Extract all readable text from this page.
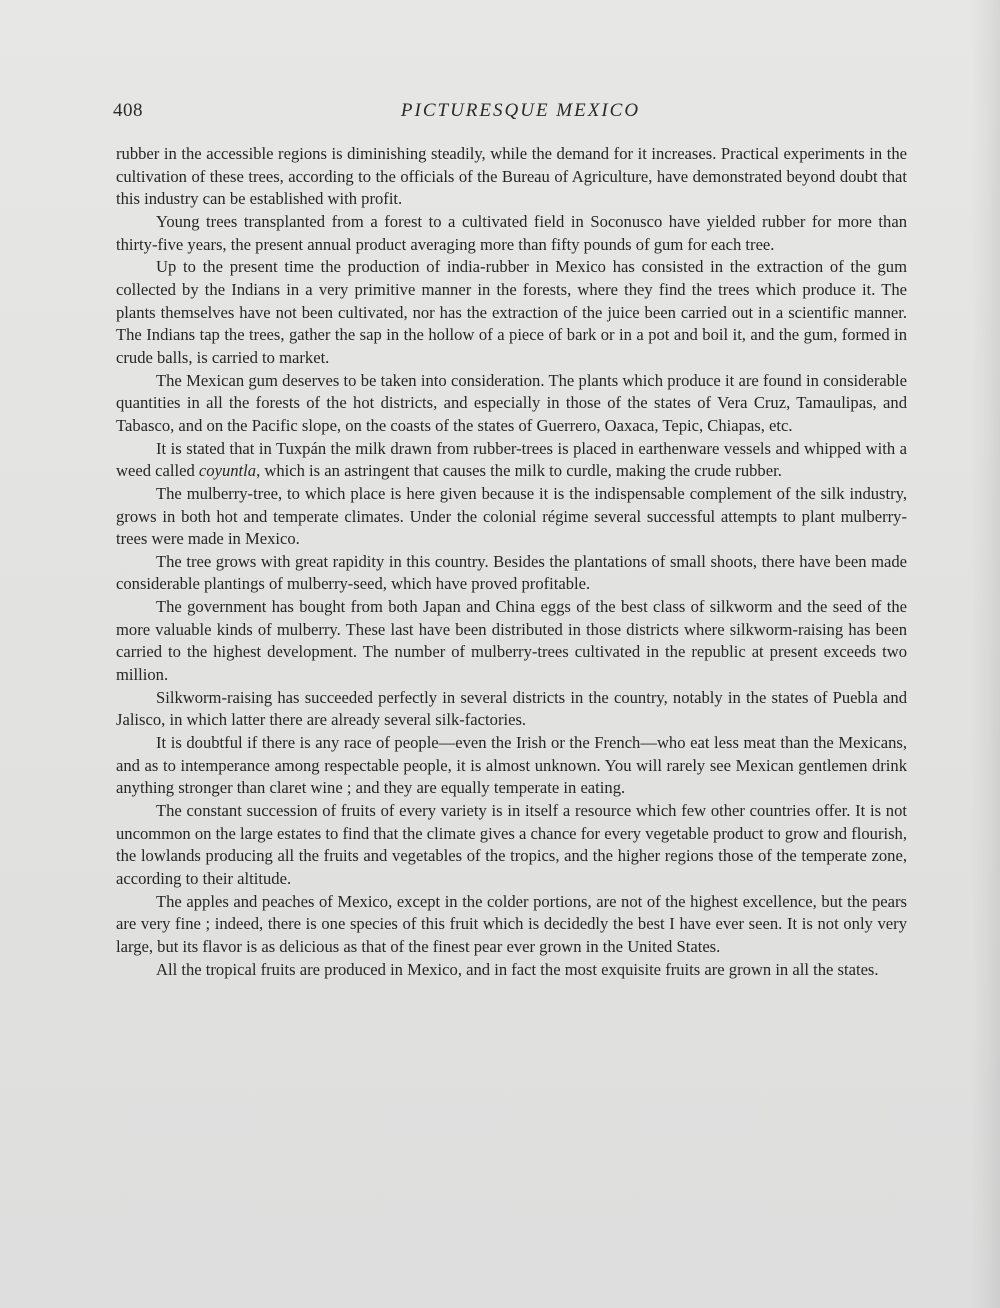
408	PICTURESQUE MEXICO

rubber in the accessible regions is diminishing steadily, while the demand for it increases. Practical experiments in the cultivation of these trees, according to the officials of the Bureau of Agriculture, have demonstrated beyond doubt that this industry can be established with profit.

Young trees transplanted from a forest to a cultivated field in Soconusco have yielded rubber for more than thirty-five years, the present annual product averaging more than fifty pounds of gum for each tree.

Up to the present time the production of india-rubber in Mexico has consisted in the extraction of the gum collected by the Indians in a very primitive manner in the forests, where they find the trees which produce it. The plants themselves have not been cultivated, nor has the extraction of the juice been carried out in a scientific manner. The Indians tap the trees, gather the sap in the hollow of a piece of bark or in a pot and boil it, and the gum, formed in crude balls, is carried to market.

The Mexican gum deserves to be taken into consideration. The plants which produce it are found in considerable quantities in all the forests of the hot districts, and especially in those of the states of Vera Cruz, Tamaulipas, and Tabasco, and on the Pacific slope, on the coasts of the states of Guerrero, Oaxaca, Tepic, Chiapas, etc.

It is stated that in Tuxpán the milk drawn from rubber-trees is placed in earthenware vessels and whipped with a weed called coyuntla, which is an astringent that causes the milk to curdle, making the crude rubber.

The mulberry-tree, to which place is here given because it is the indispensable complement of the silk industry, grows in both hot and temperate climates. Under the colonial régime several successful attempts to plant mulberry-trees were made in Mexico.

The tree grows with great rapidity in this country. Besides the plantations of small shoots, there have been made considerable plantings of mulberry-seed, which have proved profitable.

The government has bought from both Japan and China eggs of the best class of silkworm and the seed of the more valuable kinds of mulberry. These last have been distributed in those districts where silkworm-raising has been carried to the highest development. The number of mulberry-trees cultivated in the republic at present exceeds two million.

Silkworm-raising has succeeded perfectly in several districts in the country, notably in the states of Puebla and Jalisco, in which latter there are already several silk-factories.

It is doubtful if there is any race of people—even the Irish or the French—who eat less meat than the Mexicans, and as to intemperance among respectable people, it is almost unknown. You will rarely see Mexican gentlemen drink anything stronger than claret wine ; and they are equally temperate in eating.

The constant succession of fruits of every variety is in itself a resource which few other countries offer. It is not uncommon on the large estates to find that the climate gives a chance for every vegetable product to grow and flourish, the lowlands producing all the fruits and vegetables of the tropics, and the higher regions those of the temperate zone, according to their altitude.

The apples and peaches of Mexico, except in the colder portions, are not of the highest excellence, but the pears are very fine ; indeed, there is one species of this fruit which is decidedly the best I have ever seen. It is not only very large, but its flavor is as delicious as that of the finest pear ever grown in the United States.

All the tropical fruits are produced in Mexico, and in fact the most exquisite fruits are grown in all the states.
